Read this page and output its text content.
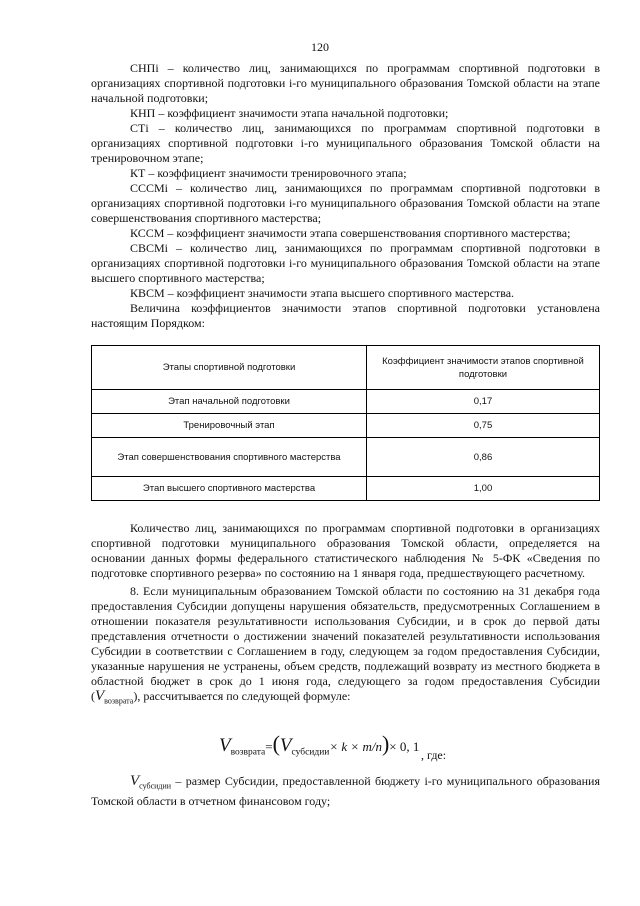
120

СНПi – количество лиц, занимающихся по программам спортивной подготовки в организациях спортивной подготовки i-го муниципального образования Томской области на этапе начальной подготовки;

КНП – коэффициент значимости этапа начальной подготовки;

СТi – количество лиц, занимающихся по программам спортивной подготовки в организациях спортивной подготовки i-го муниципального образования Томской области на тренировочном этапе;

КТ – коэффициент значимости тренировочного этапа;

СССМi – количество лиц, занимающихся по программам спортивной подготовки в организациях спортивной подготовки i-го муниципального образования Томской области на этапе совершенствования спортивного мастерства;

КССМ – коэффициент значимости этапа совершенствования спортивного мастерства;

СВСМi – количество лиц, занимающихся по программам спортивной подготовки в организациях спортивной подготовки i-го муниципального образования Томской области на этапе высшего спортивного мастерства;

КВСМ – коэффициент значимости этапа высшего спортивного мастерства.

Величина коэффициентов значимости этапов спортивной подготовки установлена настоящим Порядком:

Этапы спортивной подготовки	Коэффициент значимости этапов спортивной подготовки
Этап начальной подготовки	0,17
Тренировочный этап	0,75
Этап совершенствования спортивного мастерства	0,86
Этап высшего спортивного мастерства	1,00

Количество лиц, занимающихся по программам спортивной подготовки в организациях спортивной подготовки муниципального образования Томской области, определяется на основании данных формы федерального статистического наблюдения № 5-ФК «Сведения по подготовке спортивного резерва» по состоянию на 1 января года, предшествующего расчетному.

8. Если муниципальным образованием Томской области по состоянию на 31 декабря года предоставления Субсидии допущены нарушения обязательств, предусмотренных Соглашением в отношении показателя результативности использования Субсидии, и в срок до первой даты представления отчетности о достижении значений показателей результативности использования Субсидии в соответствии с Соглашением в году, следующем за годом предоставления Субсидии, указанные нарушения не устранены, объем средств, подлежащий возврату из местного бюджета в областной бюджет в срок до 1 июня года, следующего за годом предоставления Субсидии $(V_{возврата})$, рассчитывается по следующей формуле:

$V_{возврата}=(V_{субсидии}\times k \times m/n)\times 0$, 1
, где:

$V_{субсидии}$ – размер Субсидии, предоставленной бюджету i-го муниципального образования Томской области в отчетном финансовом году;
